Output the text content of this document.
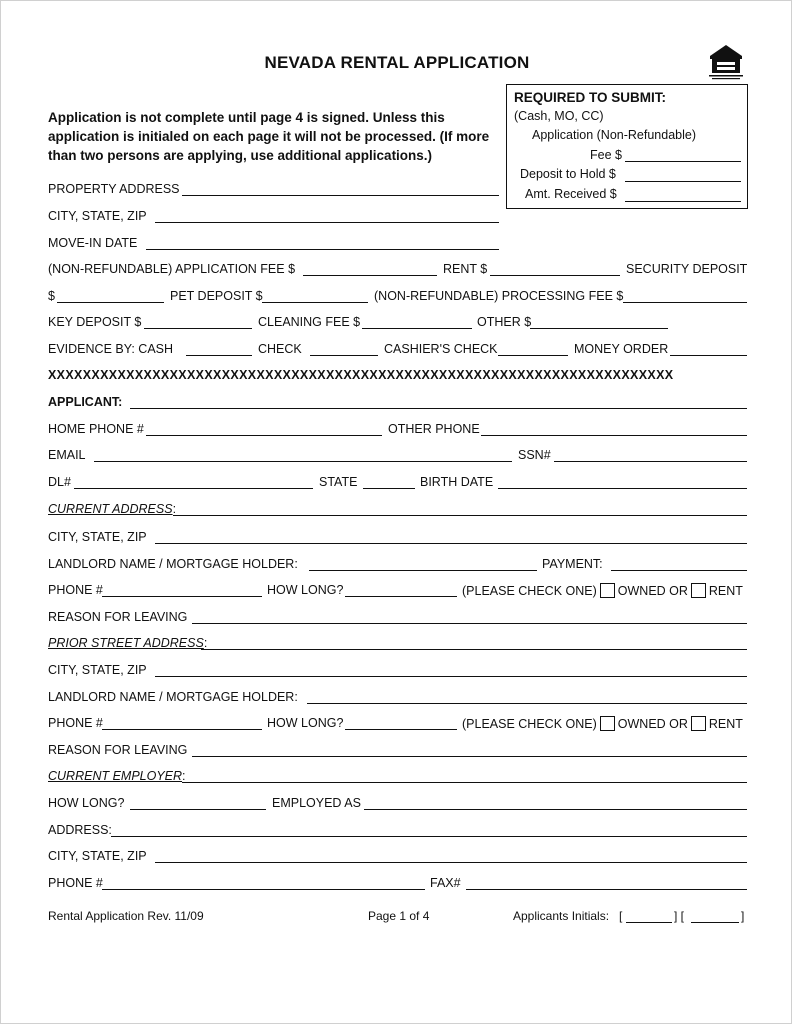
NEVADA RENTAL APPLICATION
Application is not complete until page 4 is signed. Unless this application is initialed on each page it will not be processed. (If more than two persons are applying, use additional applications.)
REQUIRED TO SUBMIT:
(Cash, MO, CC)
Application (Non-Refundable)
Fee $
Deposit to Hold $
Amt. Received $
PROPERTY ADDRESS
CITY, STATE, ZIP
MOVE-IN DATE
(NON-REFUNDABLE) APPLICATION FEE $	RENT $	SECURITY DEPOSIT
$	PET DEPOSIT $	(NON-REFUNDABLE) PROCESSING FEE $
KEY DEPOSIT $	CLEANING FEE $	OTHER $
EVIDENCE BY: CASH	CHECK	CASHIER'S CHECK	MONEY ORDER
XXXXXXXXXXXXXXXXXXXXXXXXXXXXXXXXXXXXXXXXXXXXXXXXXXXXXXXXXXXXXXXXXXXXXXXX
APPLICANT:
HOME PHONE #	OTHER PHONE
EMAIL	SSN#
DL#	STATE	BIRTH DATE
CURRENT ADDRESS:
CITY, STATE, ZIP
LANDLORD NAME / MORTGAGE HOLDER:	PAYMENT:
PHONE #	HOW LONG?	(PLEASE CHECK ONE) OWNED OR RENT
REASON FOR LEAVING
PRIOR STREET ADDRESS:
CITY, STATE, ZIP
LANDLORD NAME / MORTGAGE HOLDER:
PHONE #	HOW LONG?	(PLEASE CHECK ONE) OWNED OR RENT
REASON FOR LEAVING
CURRENT EMPLOYER:
HOW LONG?	EMPLOYED AS
ADDRESS:
CITY, STATE, ZIP
PHONE #	FAX#
Rental Application Rev. 11/09	Page 1 of 4	Applicants Initials: [	] [	]
